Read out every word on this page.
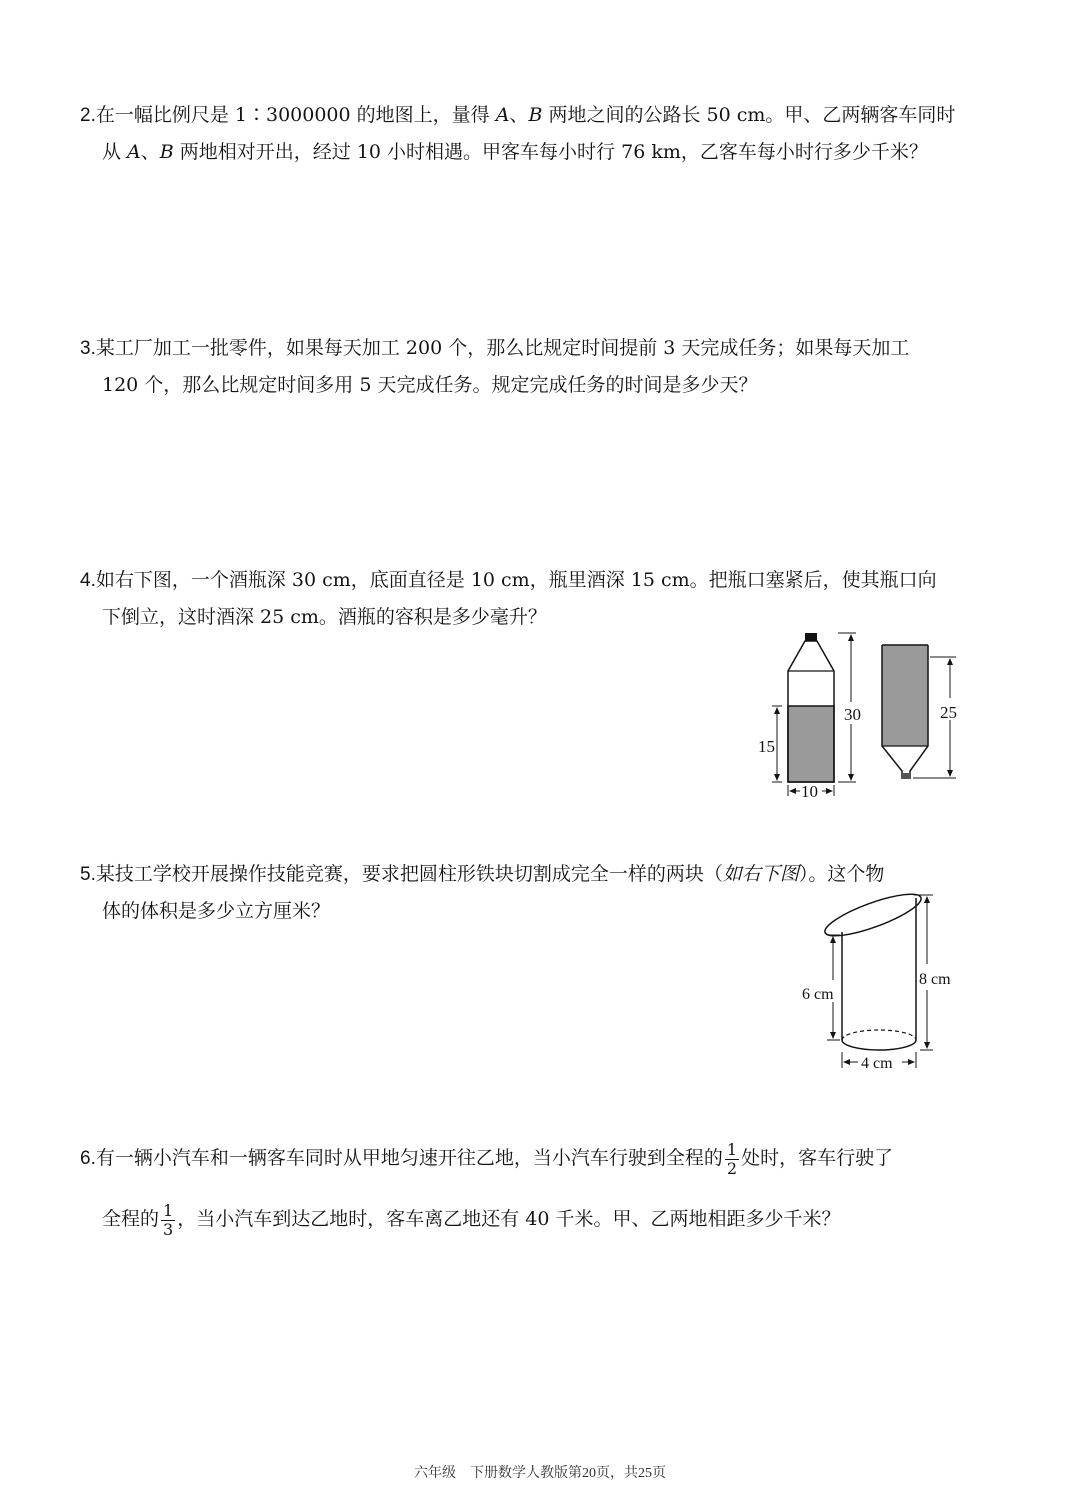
2.在一幅比例尺是 1∶3000000 的地图上，量得 A、B 两地之间的公路长 50 cm。甲、乙两辆客车同时
从 A、B 两地相对开出，经过 10 小时相遇。甲客车每小时行 76 km，乙客车每小时行多少千米？
3.某工厂加工一批零件，如果每天加工 200 个，那么比规定时间提前 3 天完成任务；如果每天加工
120 个，那么比规定时间多用 5 天完成任务。规定完成任务的时间是多少天？
4.如右下图，一个酒瓶深 30 cm，底面直径是 10 cm，瓶里酒深 15 cm。把瓶口塞紧后，使其瓶口向
下倒立，这时酒深 25 cm。酒瓶的容积是多少毫升？
15
30
10
25
5.某技工学校开展操作技能竞赛，要求把圆柱形铁块切割成完全一样的两块（如右下图）。这个物
体的体积是多少立方厘米？
8 cm
6 cm
4 cm
6.有一辆小汽车和一辆客车同时从甲地匀速开往乙地，当小汽车行驶到全程的 $\frac{1}{2}$ 处时，客车行驶了
全程的 $\frac{1}{3}$ ，当小汽车到达乙地时，客车离乙地还有 40 千米。甲、乙两地相距多少千米？
六年级　下册数学人教版第20页，共25页
